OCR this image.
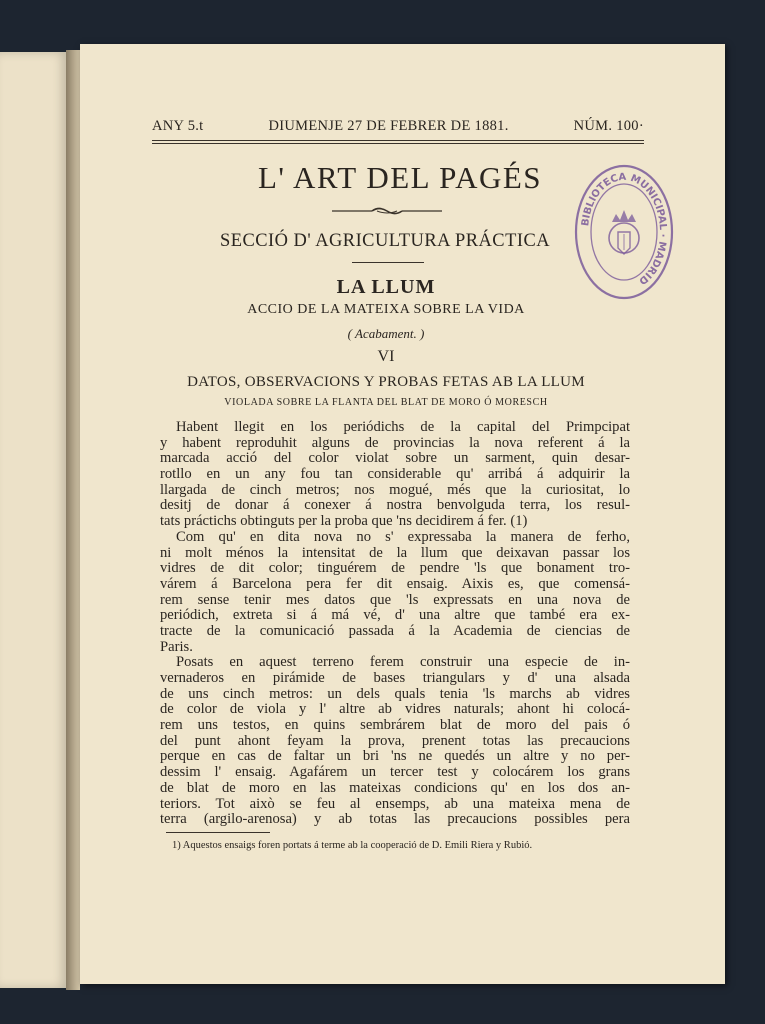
ANY 5.t	DIUMENJE 27 DE FEBRER DE 1881.	NÚM. 100·
L' ART DEL PAGÉS
SECCIÓ D' AGRICULTURA PRÁCTICA
LA LLUM
ACCIO DE LA MATEIXA SOBRE LA VIDA
( Acabament. )
VI
DATOS, OBSERVACIONS Y PROBAS FETAS AB LA LLUM
VIOLADA SOBRE LA FLANTA DEL BLAT DE MORO Ó MORESCH
Habent llegit en los periódichs de la capital del Primpcipat
y habent reproduhit alguns de provincias la nova referent á la
marcada acció del color violat sobre un sarment, quin desar-
rotllo en un any fou tan considerable qu' arribá á adquirir la
llargada de cinch metros; nos mogué, més que la curiositat, lo
desitj de donar á conexer á nostra benvolguda terra, los resul-
tats práctichs obtinguts per la proba que 'ns decidirem á fer. (1)
Com qu' en dita nova no s' expressaba la manera de ferho,
ni molt ménos la intensitat de la llum que deixavan passar los
vidres de dit color; tinguérem de pendre 'ls que bonament tro-
várem á Barcelona pera fer dit ensaig. Aixis es, que comensá-
rem sense tenir mes datos que 'ls expressats en una nova de
periódich, extreta si á má vé, d' una altre que també era ex-
tracte de la comunicació passada á la Academia de ciencias de
Paris.
Posats en aquest terreno ferem construir una especie de in-
vernaderos en pirámide de bases triangulars y d' una alsada
de uns cinch metros: un dels quals tenia 'ls marchs ab vidres
de color de viola y l' altre ab vidres naturals; ahont hi colocá-
rem uns testos, en quins sembrárem blat de moro del pais ó
del punt ahont feyam la prova, prenent totas las precaucions
perque en cas de faltar un bri 'ns ne quedés un altre y no per-
dessim l' ensaig. Agafárem un tercer test y colocárem los grans
de blat de moro en las mateixas condicions qu' en los dos an-
teriors. Tot això se feu al ensemps, ab una mateixa mena de
terra (argilo-arenosa) y ab totas las precaucions possibles pera
1) Aquestos ensaigs foren portats á terme ab la cooperació de D. Emili Riera y Rubió.
BIBLIOTECA MUNICIPAL · MADRID
